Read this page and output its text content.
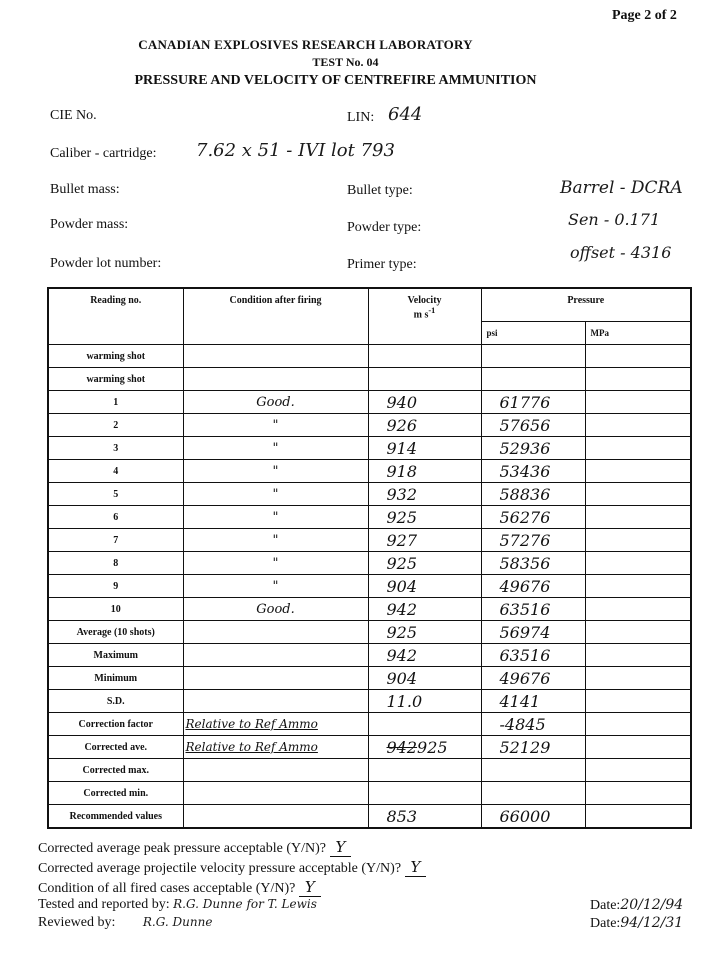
Page 2 of 2
CANADIAN EXPLOSIVES RESEARCH LABORATORY
TEST No. 04
PRESSURE AND VELOCITY OF CENTREFIRE AMMUNITION
CIE No.	LIN: 644
Caliber - cartridge: 7.62 x 51 - IVI lot 793
Bullet mass:	Bullet type:	Barrel - DCRA
Powder mass:	Powder type:	Sen - 0.171
Powder lot number:	Primer type:
offset - 4316
Reading no.	Condition after firing	Velocity
m $s^{-1}$	Pressure	
			psi	MPa
warming shot				
warming shot				
1	Good.	940	61776	
2	"	926	57656	
3	"	914	52936	
4	"	918	53436	
5	"	932	58836	
6	"	925	56276	
7	"	927	57276	
8	"	925	58356	
9	"	904	49676	
10	Good.	942	63516	
Average (10 shots)		925	56974	
Maximum		942	63516	
Minimum		904	49676	
S.D.		11.0	4141	
Correction factor	Relative to Ref Ammo		-4845	
Corrected ave.	Relative to Ref Ammo	942925	52129	
Corrected max.				
Corrected min.				
Recommended values		853	66000	
Corrected average peak pressure acceptable (Y/N)? Y
Corrected average projectile velocity pressure acceptable (Y/N)? Y
Condition of all fired cases acceptable (Y/N)? Y
Tested and reported by: R.G. Dunne for T. Lewis
Reviewed by: R.G. Dunne
Date:20/12/94
Date:94/12/31
